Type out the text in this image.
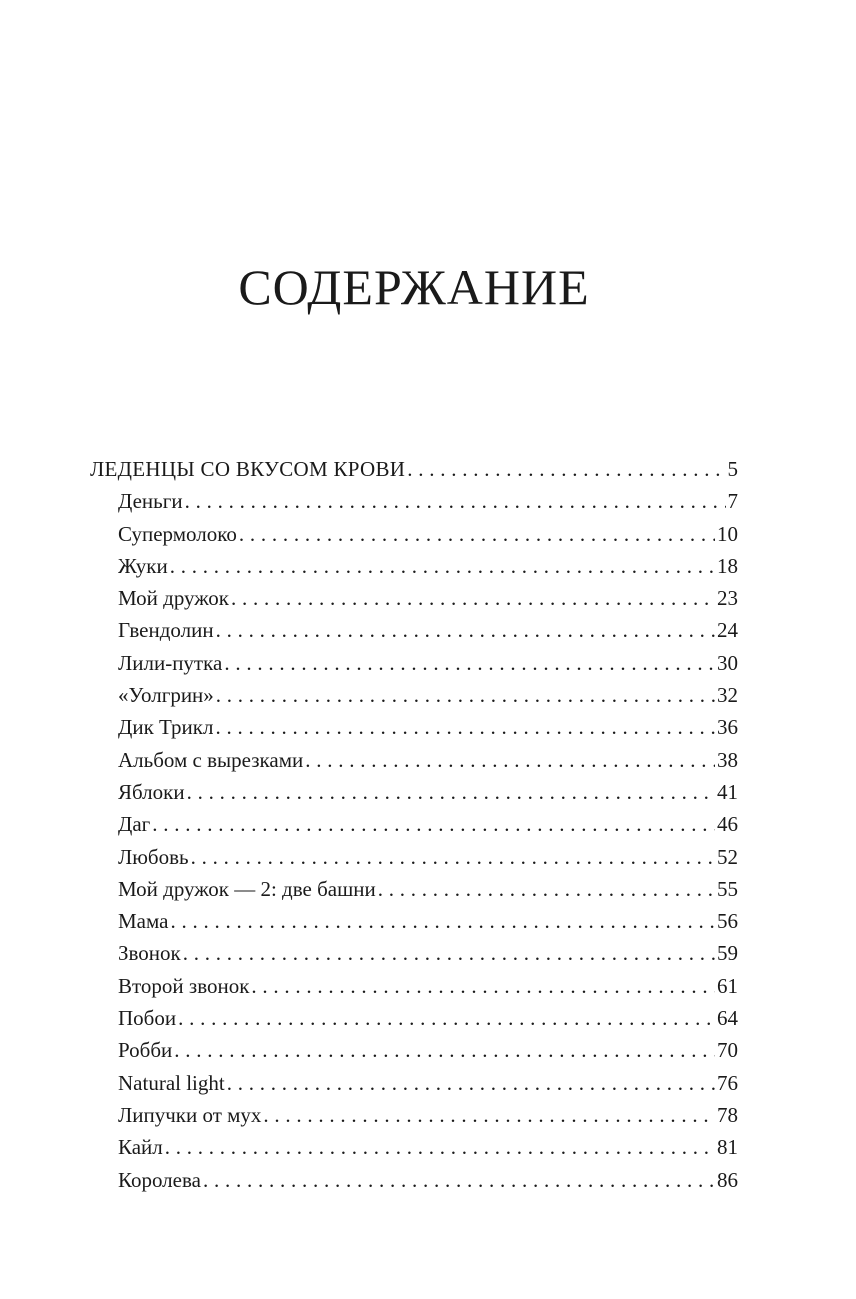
СОДЕРЖАНИЕ
ЛЕДЕНЦЫ СО ВКУСОМ КРОВИ . . .	5
Деньги . . .	7
Супермолоко . . .	10
Жуки . . .	18
Мой дружок . . .	23
Гвендолин . . .	24
Лили-путка . . .	30
«Уолгрин» . . .	32
Дик Трикл . . .	36
Альбом с вырезками . . .	38
Яблоки . . .	41
Даг . . .	46
Любовь . . .	52
Мой дружок — 2: две башни . . .	55
Мама . . .	56
Звонок . . .	59
Второй звонок . . .	61
Побои . . .	64
Робби . . .	70
Natural light . . .	76
Липучки от мух . . .	78
Кайл . . .	81
Королева . . .	86
